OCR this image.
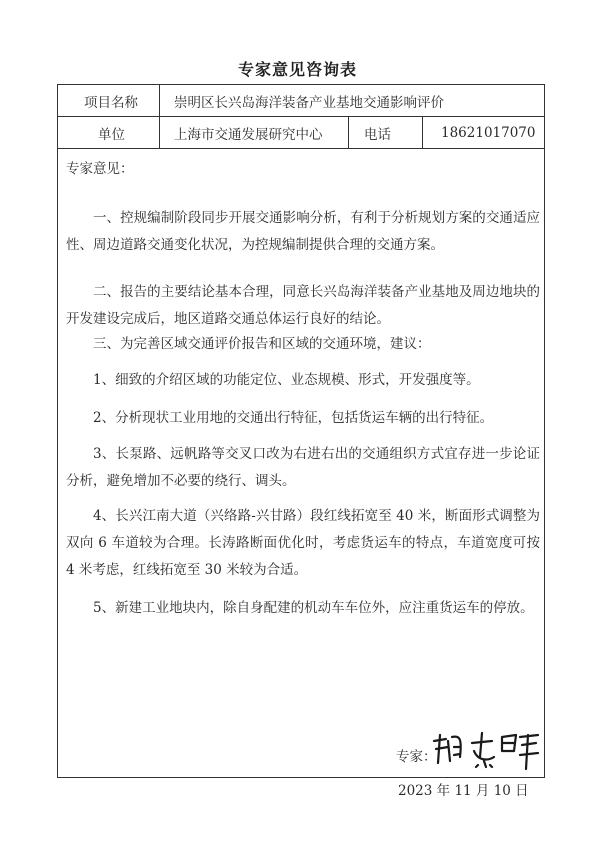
专家意见咨询表
项目名称	崇明区长兴岛海洋装备产业基地交通影响评价
单位	上海市交通发展研究中心	电话	18621017070
专家意见：

一、控规编制阶段同步开展交通影响分析，有利于分析规划方案的交通适应性、周边道路交通变化状况，为控规编制提供合理的交通方案。

二、报告的主要结论基本合理，同意长兴岛海洋装备产业基地及周边地块的开发建设完成后，地区道路交通总体运行良好的结论。

三、为完善区域交通评价报告和区域的交通环境，建议：

1、细致的介绍区域的功能定位、业态规模、形式，开发强度等。

2、分析现状工业用地的交通出行特征，包括货运车辆的出行特征。

3、长泵路、远帆路等交叉口改为右进右出的交通组织方式宜存进一步论证分析，避免增加不必要的绕行、调头。

4、长兴江南大道（兴络路-兴甘路）段红线拓宽至 40 米，断面形式调整为双向 6 车道较为合理。长涛路断面优化时，考虑货运车的特点，车道宽度可按 4 米考虑，红线拓宽至 30 米较为合适。

5、新建工业地块内，除自身配建的机动车车位外，应注重货运车的停放。

专家：
2023 年 11 月 10 日
